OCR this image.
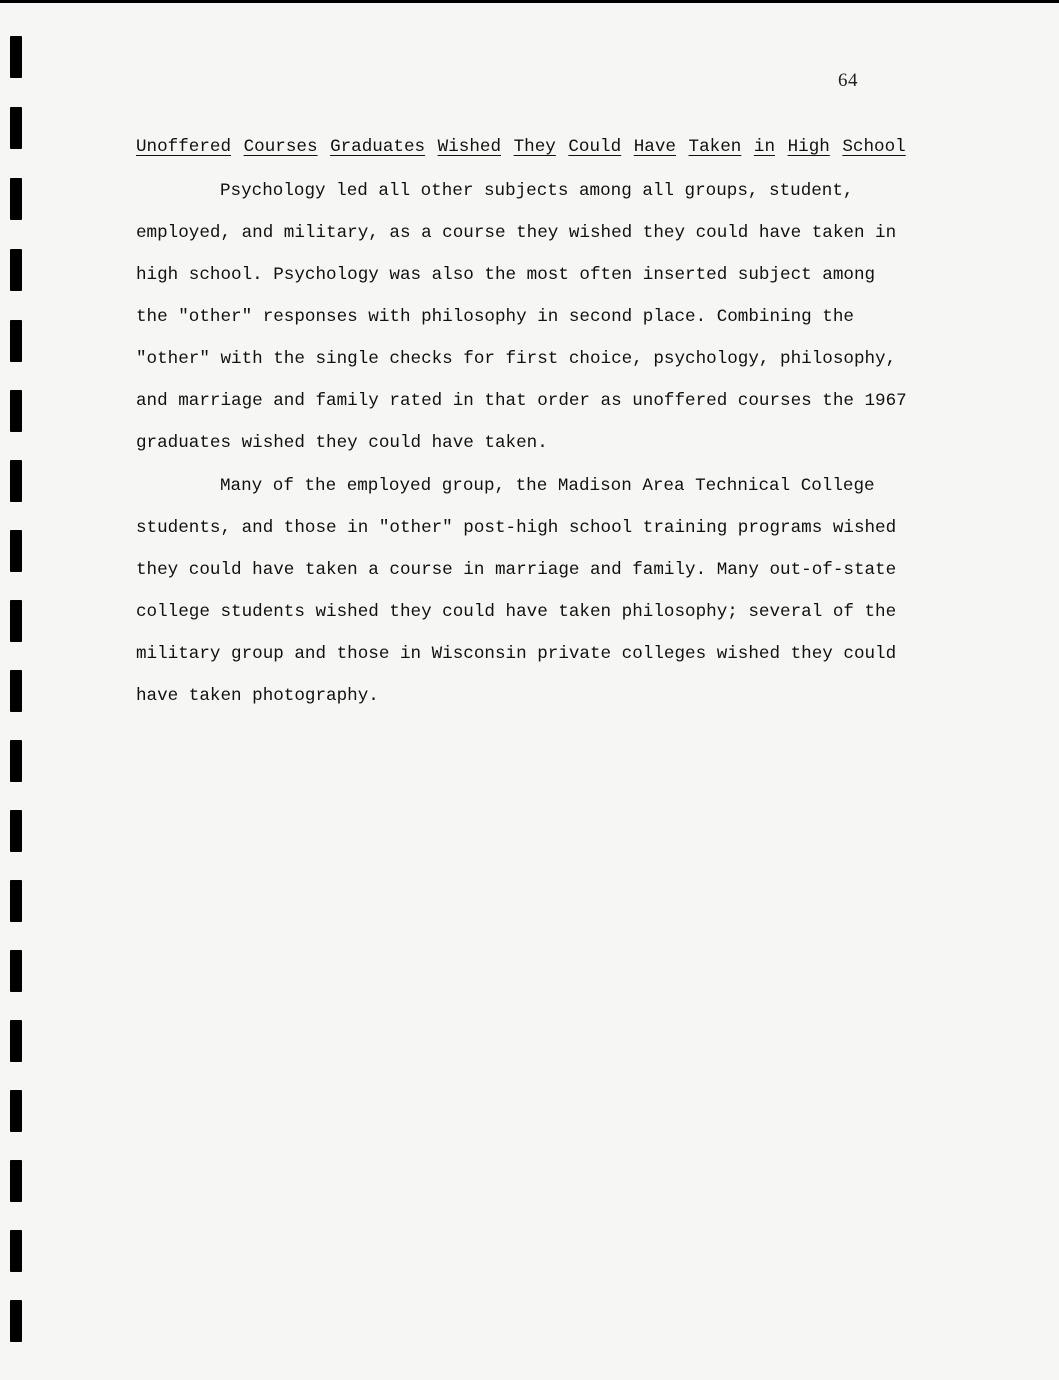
64
Unoffered Courses Graduates Wished They Could Have Taken in High School
Psychology led all other subjects among all groups, student,
employed, and military, as a course they wished they could have taken in
high school. Psychology was also the most often inserted subject among
the "other" responses with philosophy in second place. Combining the
"other" with the single checks for first choice, psychology, philosophy,
and marriage and family rated in that order as unoffered courses the 1967
graduates wished they could have taken.
Many of the employed group, the Madison Area Technical College
students, and those in "other" post-high school training programs wished
they could have taken a course in marriage and family. Many out-of-state
college students wished they could have taken philosophy; several of the
military group and those in Wisconsin private colleges wished they could
have taken photography.
